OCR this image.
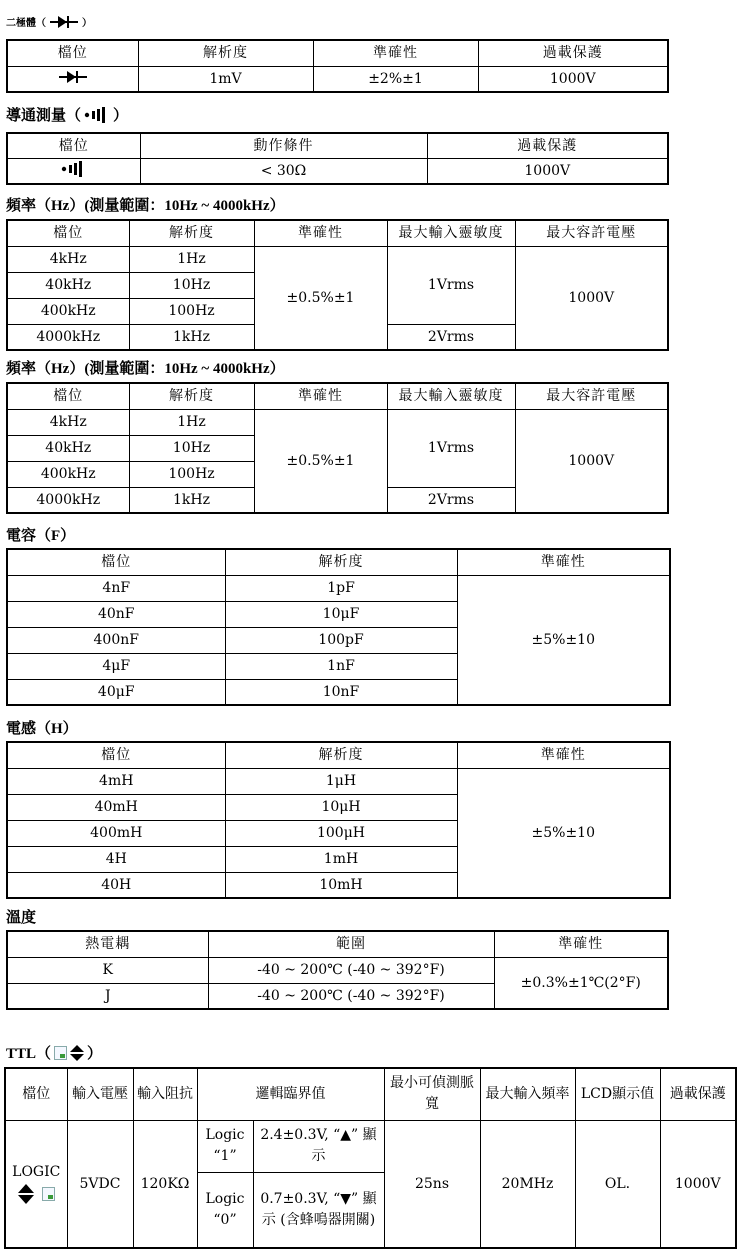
二極體（	）
檔位	解析度	準確性	過載保護
	1mV	±2%±1	1000V
導通測量（ ）
檔位	動作條件	過載保護
	< 30Ω	1000V
頻率（Hz）(測量範圍：10Hz ~ 4000kHz）
檔位	解析度	準確性	最大輸入靈敏度	最大容許電壓
4kHz	1Hz	±0.5%±1	1Vrms	1000V
40kHz	10Hz			
400kHz	100Hz			
4000kHz	1kHz		2Vrms	
頻率（Hz）(測量範圍：10Hz ~ 4000kHz）
檔位	解析度	準確性	最大輸入靈敏度	最大容許電壓
4kHz	1Hz	±0.5%±1	1Vrms	1000V
40kHz	10Hz			
400kHz	100Hz			
4000kHz	1kHz		2Vrms	
電容（F）
檔位	解析度	準確性
4nF	1pF	±5%±10
40nF	10μF	
400nF	100pF	
4μF	1nF	
40μF	10nF	
電感（H）
檔位	解析度	準確性
4mH	1μH	±5%±10
40mH	10μH	
400mH	100μH	
4H	1mH	
40H	10mH	
溫度
熱電耦	範圍	準確性
K	-40 ~ 200℃ (-40 ~ 392°F)	±0.3%±1℃(2°F)
J	-40 ~ 200℃ (-40 ~ 392°F)	
TTL（ ）
檔位	輸入電壓	輸入阻抗	邏輯臨界值		最小可偵測脈寬	最大輸入頻率	LCD顯示值	過載保護

LOGIC	5VDC	120KΩ	Logic “1”	2.4±0.3V, “▲” 顯示	25ns	20MHz	OL.	1000V
			Logic “0”	0.7±0.3V, “▼” 顯示 (含蜂鳴器開關)				
